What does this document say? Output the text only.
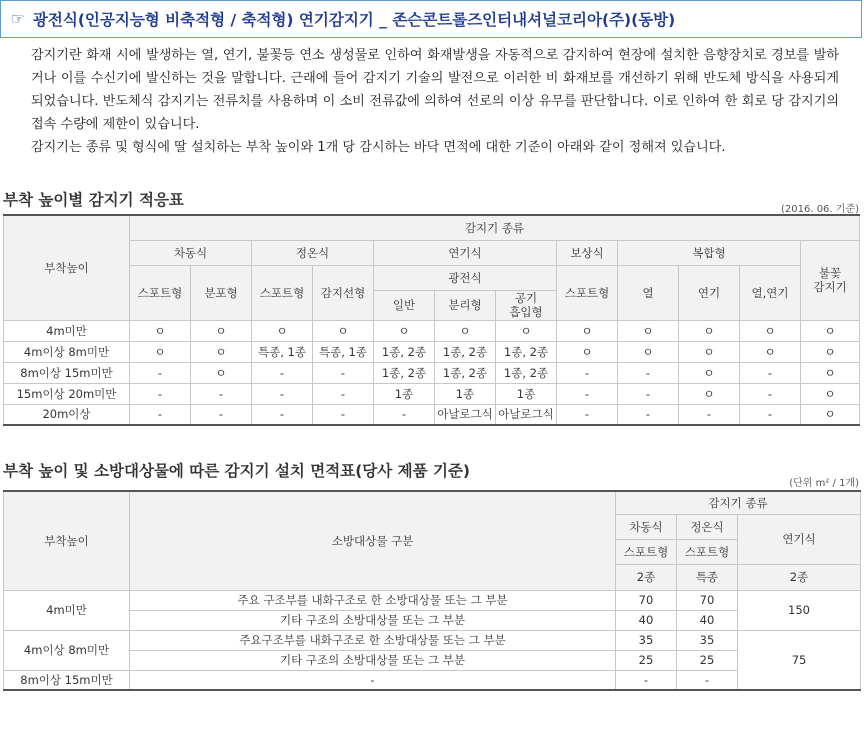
☞ 광전식(인공지능형 비축적형 / 축적형) 연기감지기 _ 존슨콘트롤즈인터내셔널코리아(주)(동방)

감지기란 화재 시에 발생하는 열, 연기, 불꽃등 연소 생성물로 인하여 화재발생을 자동적으로 감지하여 현장에 설치한 음향장치로 경보를 발하거나 이를 수신기에 발신하는 것을 말합니다. 근래에 들어 감지기 기술의 발전으로 이러한 비 화재보를 개선하기 위해 반도체 방식을 사용되게 되었습니다. 반도체식 감지기는 전류치를 사용하며 이 소비 전류값에 의하여 선로의 이상 유무를 판단합니다. 이로 인하여 한 회로 당 감지기의 접속 수량에 제한이 있습니다.

감지기는 종류 및 형식에 딸 설치하는 부착 높이와 1개 당 감시하는 바닥 면적에 대한 기준이 아래와 같이 정해져 있습니다.

부착 높이별 감지기 적응표
(2016. 06. 기준)
부착높이	감지기 종류											
	차동식		정온식		연기식			보상식	복합형			불꽃
감지기
	스포트형	분포형	스포트형	감지선형	광전식			스포트형	열	연기	열,연기	
					일반	분리형	공기
흡입형					
4m미만	ㅇ	ㅇ	ㅇ	ㅇ	ㅇ	ㅇ	ㅇ	ㅇ	ㅇ	ㅇ	ㅇ	ㅇ
4m이상 8m미만	ㅇ	ㅇ	특종, 1종	특종, 1종	1종, 2종	1종, 2종	1종, 2종	ㅇ	ㅇ	ㅇ	ㅇ	ㅇ
8m이상 15m미만	-	ㅇ	-	-	1종, 2종	1종, 2종	1종, 2종	-	-	ㅇ	-	ㅇ
15m이상 20m미만	-	-	-	-	1종	1종	1종	-	-	ㅇ	-	ㅇ
20m이상	-	-	-	-	-	아날로그식	아날로그식	-	-	-	-	ㅇ
부착 높이 및 소방대상물에 따른 감지기 설치 면적표(당사 제품 기준)
(단위 m² / 1개)
부착높이	소방대상물 구분	감지기 종류		
		차동식	정온식	연기식
		스포트형	스포트형	
		2종	특종	2종
4m미만	주요 구조부를 내화구조로 한 소방대상물 또는 그 부분	70	70	150
	기타 구조의 소방대상물 또는 그 부분	40	40	
4m이상 8m미만	주요구조부를 내화구조로 한 소방대상물 또는 그 부분	35	35	75
	기타 구조의 소방대상물 또는 그 부분	25	25	
8m이상 15m미만	-	-	-	
